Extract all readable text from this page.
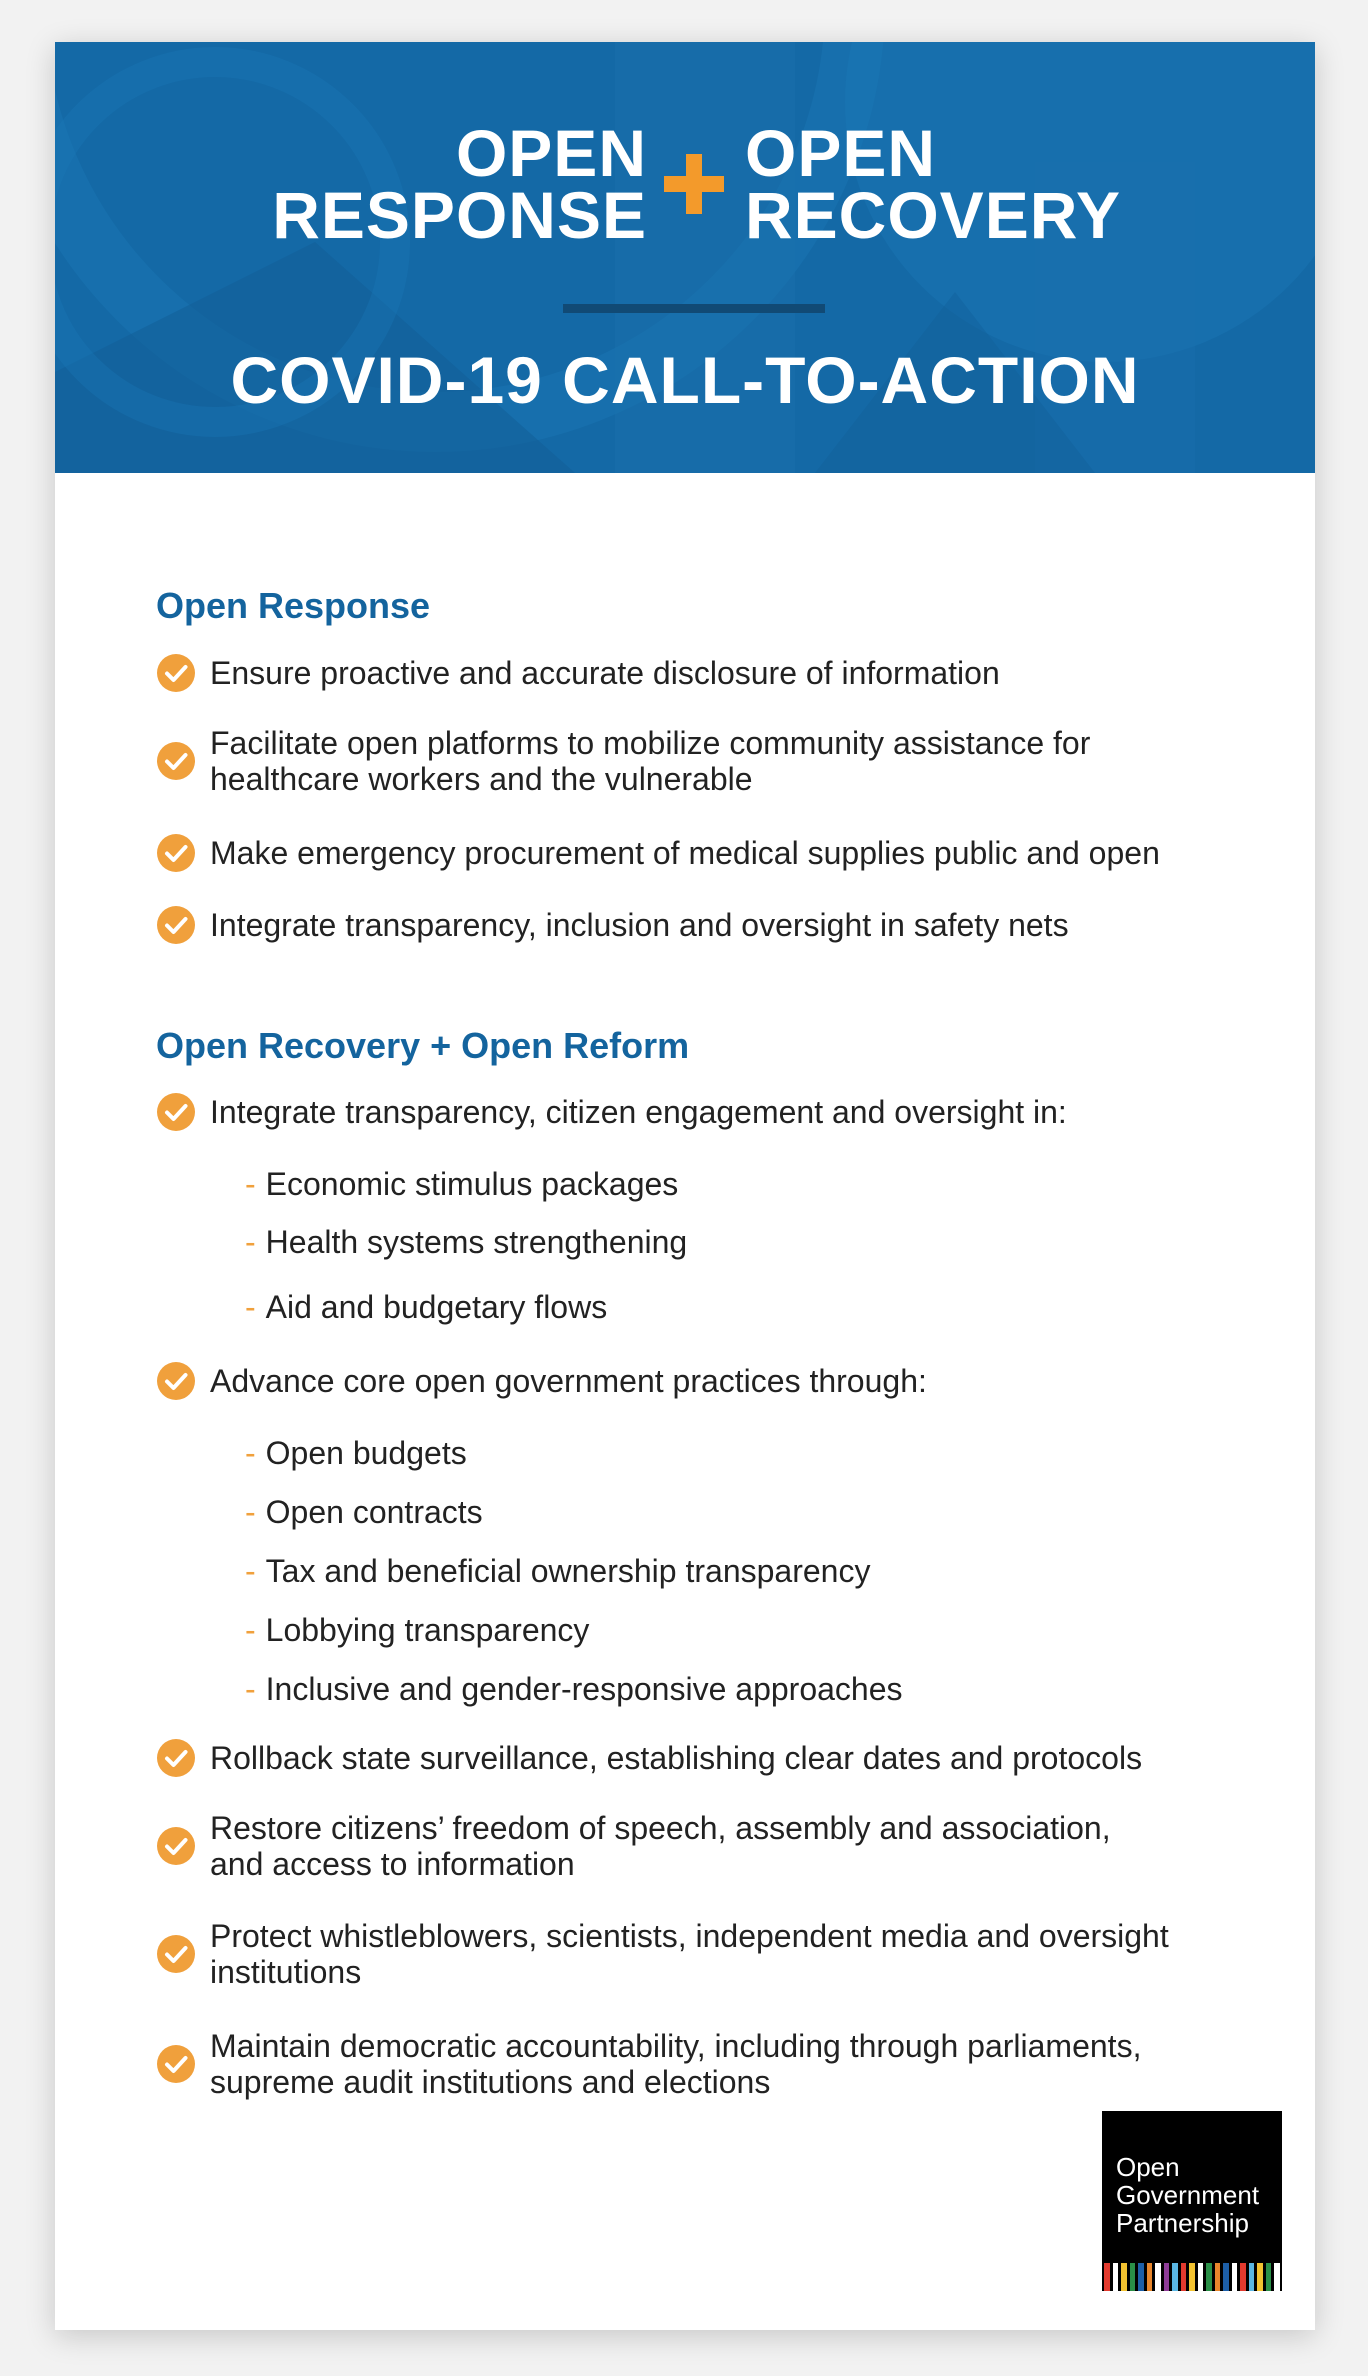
OPEN
RESPONSE
OPEN
RECOVERY
COVID-19 CALL-TO-ACTION
Open Response
Ensure proactive and accurate disclosure of information
Facilitate open platforms to mobilize community assistance for
healthcare workers and the vulnerable
Make emergency procurement of medical supplies public and open
Integrate transparency, inclusion and oversight in safety nets
Open Recovery + Open Reform
Integrate transparency, citizen engagement and oversight in:
- Economic stimulus packages
- Health systems strengthening
- Aid and budgetary flows
Advance core open government practices through:
- Open budgets
- Open contracts
- Tax and beneficial ownership transparency
- Lobbying transparency
- Inclusive and gender-responsive approaches
Rollback state surveillance, establishing clear dates and protocols
Restore citizens’ freedom of speech, assembly and association,
and access to information
Protect whistleblowers, scientists, independent media and oversight
institutions
Maintain democratic accountability, including through parliaments,
supreme audit institutions and elections
Open
Government
Partnership
